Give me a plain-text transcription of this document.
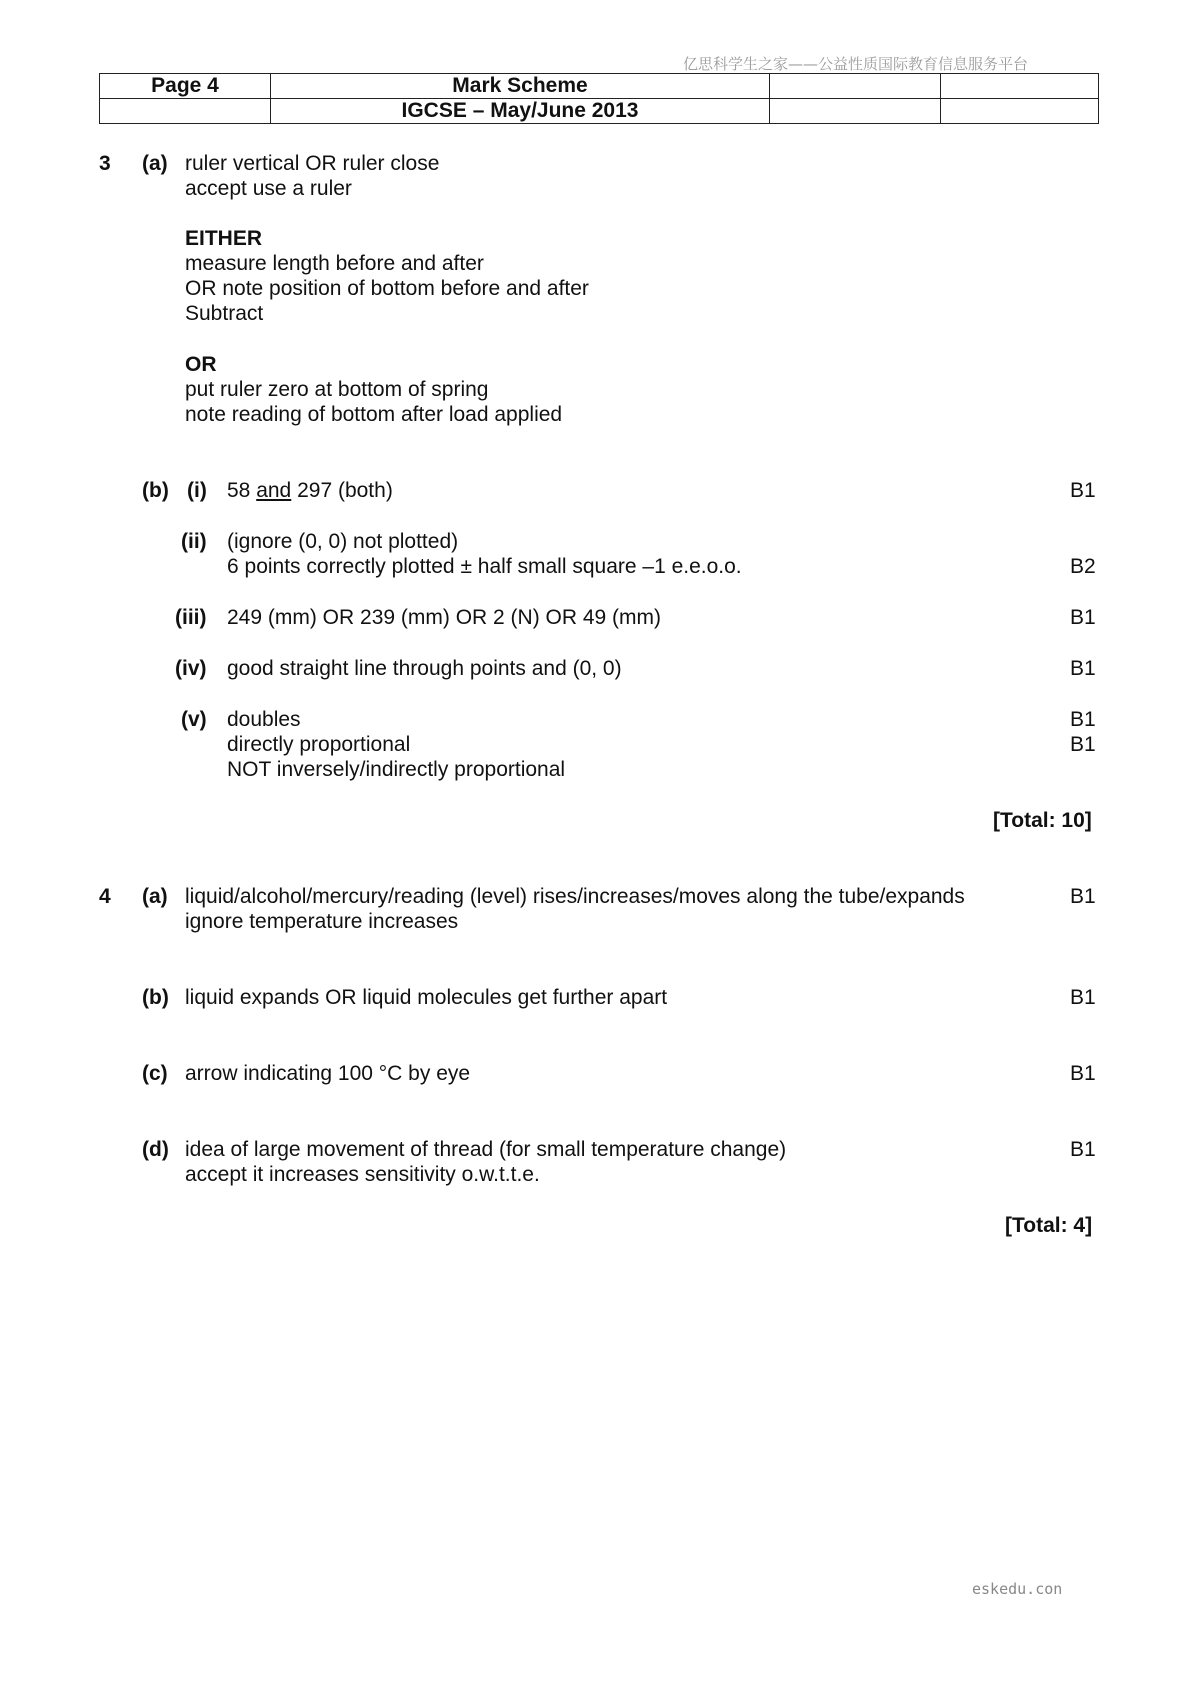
亿思科学生之家——公益性质国际教育信息服务平台
Page 4	Mark Scheme		
	IGCSE – May/June 2013		
3 (a) ruler vertical OR ruler close
accept use a ruler
EITHER
measure length before and after
OR note position of bottom before and after
Subtract
OR
put ruler zero at bottom of spring
note reading of bottom after load applied
(b) (i) 58 and 297 (both)	B1
(ii) (ignore (0, 0) not plotted)
6 points correctly plotted ± half small square –1 e.e.o.o.	B2
(iii) 249 (mm) OR 239 (mm) OR 2 (N) OR 49 (mm)	B1
(iv) good straight line through points and (0, 0)	B1
(v) doubles	B1
directly proportional	B1
NOT inversely/indirectly proportional
[Total: 10]
4 (a) liquid/alcohol/mercury/reading (level) rises/increases/moves along the tube/expands	B1
ignore temperature increases
(b) liquid expands OR liquid molecules get further apart	B1
(c) arrow indicating 100 °C by eye	B1
(d) idea of large movement of thread (for small temperature change)	B1
accept it increases sensitivity o.w.t.t.e.
[Total: 4]
eskedu.con
